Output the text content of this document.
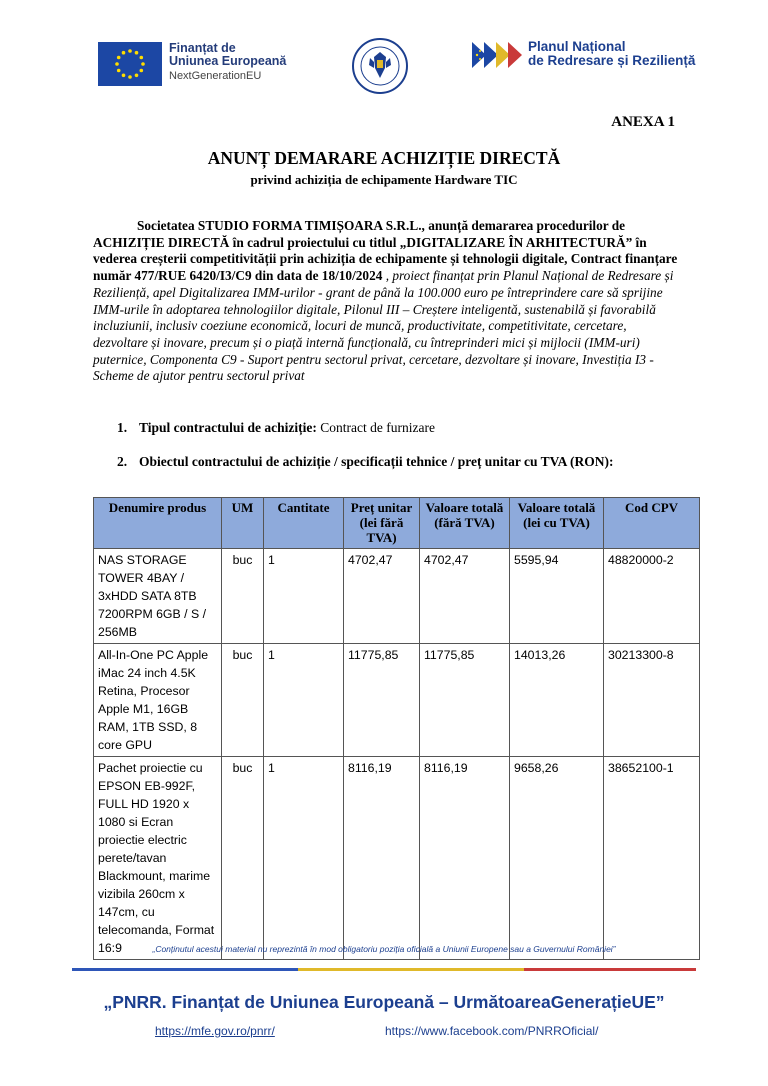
Finanțat de
Uniunea Europeană
NextGenerationEU
Planul Național
de Redresare și Reziliență
ANEXA 1
ANUNȚ DEMARARE ACHIZIȚIE DIRECTĂ
privind achiziția de echipamente Hardware TIC
Societatea STUDIO FORMA TIMIȘOARA S.R.L., anunță demararea procedurilor de ACHIZIȚIE DIRECTĂ în cadrul proiectului cu titlul „DIGITALIZARE ÎN ARHITECTURĂ” în vederea creșterii competitivității prin achiziția de echipamente și tehnologii digitale, Contract finanțare număr 477/RUE 6420/I3/C9 din data de 18/10/2024 , proiect finanțat prin Planul Național de Redresare și Reziliență, apel Digitalizarea IMM-urilor - grant de până la 100.000 euro pe întreprindere care să sprijine IMM-urile în adoptarea tehnologiilor digitale, Pilonul III – Creștere inteligentă, sustenabilă și favorabilă incluziunii, inclusiv coeziune economică, locuri de muncă, productivitate, competitivitate, cercetare, dezvoltare și inovare, precum și o piață internă funcțională, cu întreprinderi mici și mijlocii (IMM-uri) puternice, Componenta C9 - Suport pentru sectorul privat, cercetare, dezvoltare și inovare, Investiția I3 - Scheme de ajutor pentru sectorul privat
1. Tipul contractului de achiziție: Contract de furnizare
2. Obiectul contractului de achiziție / specificații tehnice / preț unitar cu TVA (RON):
Denumire produs	UM	Cantitate	Preț unitar (lei fără TVA)	Valoare totală (fără TVA)	Valoare totală (lei cu TVA)	Cod CPV
NAS STORAGE TOWER 4BAY / 3xHDD SATA 8TB 7200RPM 6GB / S / 256MB	buc	1	4702,47	4702,47	5595,94	48820000-2
All-In-One PC Apple iMac 24 inch 4.5K Retina, Procesor Apple M1, 16GB RAM, 1TB SSD, 8 core GPU	buc	1	11775,85	11775,85	14013,26	30213300-8
Pachet proiectie cu EPSON EB-992F, FULL HD 1920 x 1080 si Ecran proiectie electric perete/tavan Blackmount, marime vizibila 260cm x 147cm, cu telecomanda, Format 16:9	buc	1	8116,19	8116,19	9658,26	38652100-1
„Conținutul acestui material nu reprezintă în mod obligatoriu poziția oficială a Uniunii Europene sau a Guvernului României”
„PNRR. Finanțat de Uniunea Europeană – UrmătoareaGenerațieUE”
https://mfe.gov.ro/pnrr/	https://www.facebook.com/PNRROficial/
